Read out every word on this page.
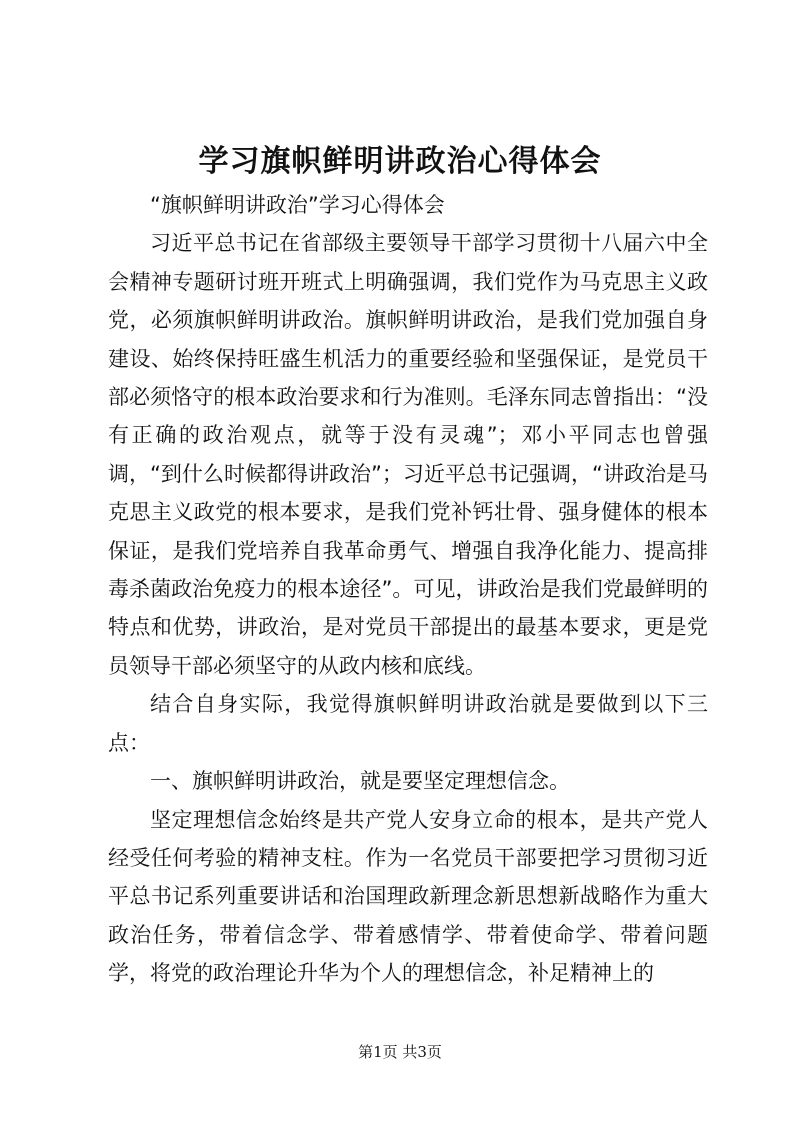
学习旗帜鲜明讲政治心得体会

“旗帜鲜明讲政治”学习心得体会

习近平总书记在省部级主要领导干部学习贯彻十八届六中全会精神专题研讨班开班式上明确强调，我们党作为马克思主义政党，必须旗帜鲜明讲政治。旗帜鲜明讲政治，是我们党加强自身建设、始终保持旺盛生机活力的重要经验和坚强保证，是党员干部必须恪守的根本政治要求和行为准则。毛泽东同志曾指出：“没有正确的政治观点，就等于没有灵魂”；邓小平同志也曾强调，“到什么时候都得讲政治”；习近平总书记强调，“讲政治是马克思主义政党的根本要求，是我们党补钙壮骨、强身健体的根本保证，是我们党培养自我革命勇气、增强自我净化能力、提高排毒杀菌政治免疫力的根本途径”。可见，讲政治是我们党最鲜明的特点和优势，讲政治，是对党员干部提出的最基本要求，更是党员领导干部必须坚守的从政内核和底线。

结合自身实际，我觉得旗帜鲜明讲政治就是要做到以下三点：

一、旗帜鲜明讲政治，就是要坚定理想信念。

坚定理想信念始终是共产党人安身立命的根本，是共产党人经受任何考验的精神支柱。作为一名党员干部要把学习贯彻习近平总书记系列重要讲话和治国理政新理念新思想新战略作为重大政治任务，带着信念学、带着感情学、带着使命学、带着问题学，将党的政治理论升华为个人的理想信念，补足精神上的

第1页 共3页
